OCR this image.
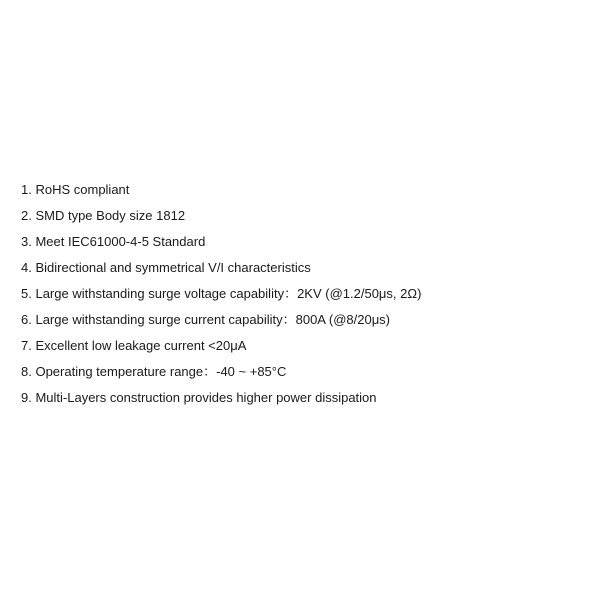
1. RoHS compliant
2. SMD type Body size 1812
3. Meet IEC61000-4-5 Standard
4. Bidirectional and symmetrical V/I characteristics
5. Large withstanding surge voltage capability：2KV (@1.2/50μs, 2Ω)
6. Large withstanding surge current capability：800A (@8/20μs)
7. Excellent low leakage current <20μA
8. Operating temperature range：-40 ~ +85°C
9. Multi-Layers construction provides higher power dissipation
